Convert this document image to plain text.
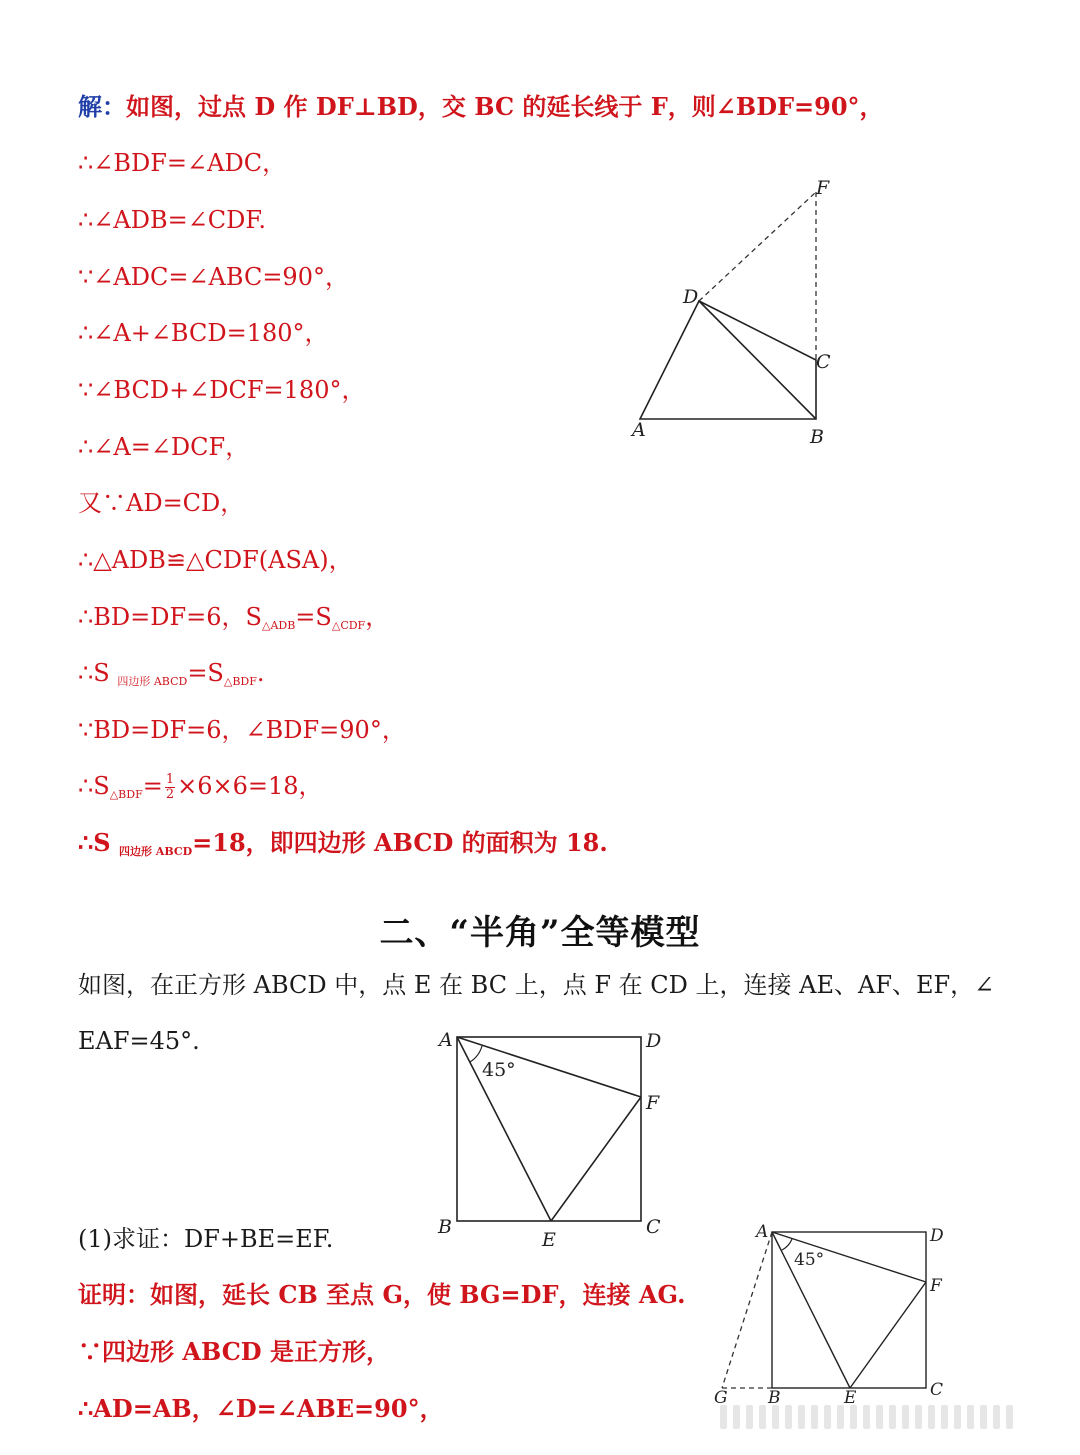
解：如图，过点 D 作 DF⊥BD，交 BC 的延长线于 F，则∠BDF=90°，
∴∠BDF=∠ADC，
∴∠ADB=∠CDF.
∵∠ADC=∠ABC=90°，
∴∠A+∠BCD=180°，
∵∠BCD+∠DCF=180°，
∴∠A=∠DCF，
又∵AD=CD，
∴△ADB≌△CDF(ASA)，
∴BD=DF=6，$S_{\triangle ADB}=S_{\triangle CDF}$，
∴S $_{四边形 ABCD}=S_{\triangle BDF}$.
∵BD=DF=6，∠BDF=90°，
$\therefore S_{\triangle BDF}= \frac{1}{2} \times 6\times 6=18$，
∴S $_{四边形 ABCD}$=18，即四边形 ABCD 的面积为 18.
F
D
C
A	B
二、“半角”全等模型
如图，在正方形 ABCD 中，点 E 在 BC 上，点 F 在 CD 上，连接 AE、AF、EF，∠
EAF=45°.	A	D
45°
F
B
E
C
(1)求证：DF+BE=EF.
证明：如图，延长 CB 至点 G，使 BG=DF，连接 AG.
∵四边形 ABCD 是正方形，
∴AD=AB，∠D=∠ABE=90°，
A
45°
D
F
G B	E	C
